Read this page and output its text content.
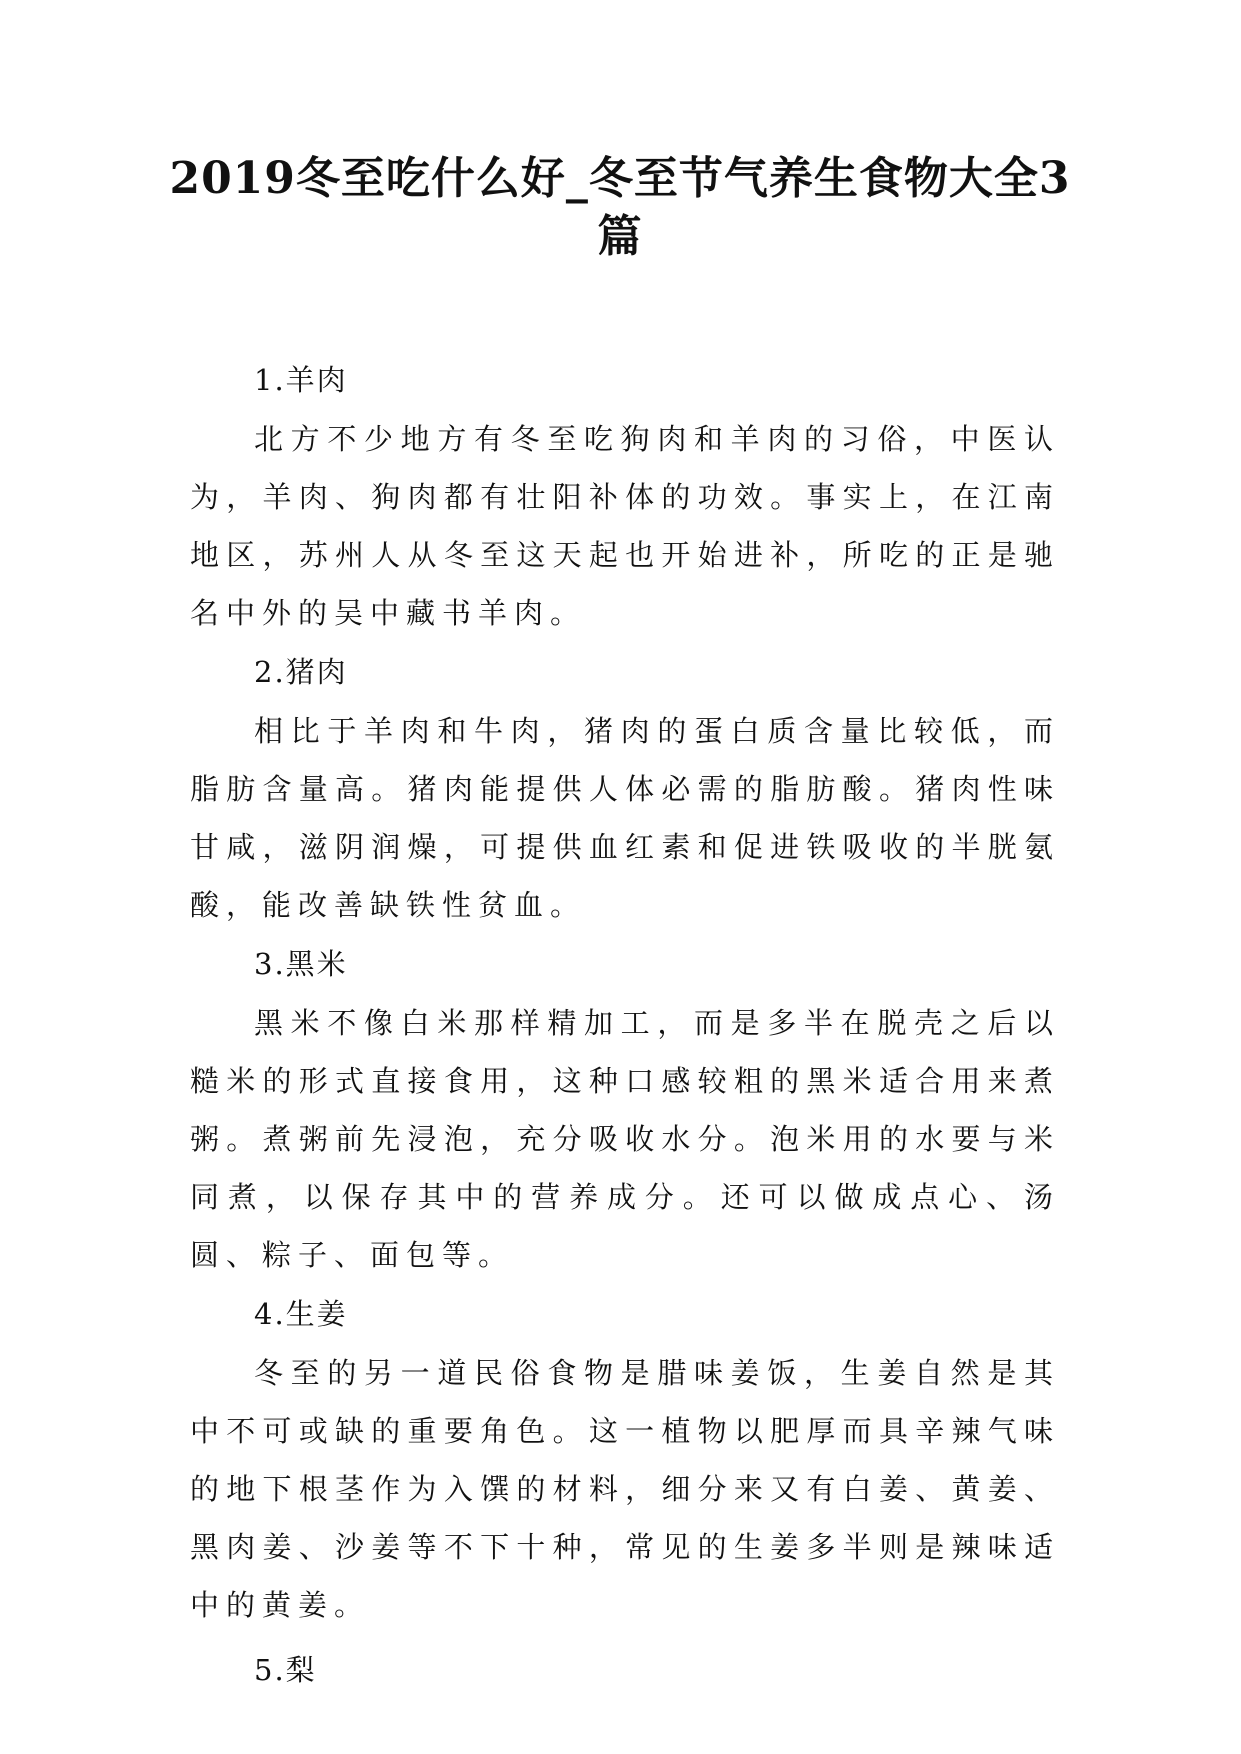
2019冬至吃什么好_冬至节气养生食物大全3篇
1.羊肉

北方不少地方有冬至吃狗肉和羊肉的习俗，中医认为，羊肉、狗肉都有壮阳补体的功效。事实上，在江南地区，苏州人从冬至这天起也开始进补，所吃的正是驰名中外的吴中藏书羊肉。

2.猪肉

相比于羊肉和牛肉，猪肉的蛋白质含量比较低，而脂肪含量高。猪肉能提供人体必需的脂肪酸。猪肉性味甘咸，滋阴润燥，可提供血红素和促进铁吸收的半胱氨酸，能改善缺铁性贫血。

3.黑米

黑米不像白米那样精加工，而是多半在脱壳之后以糙米的形式直接食用，这种口感较粗的黑米适合用来煮粥。煮粥前先浸泡，充分吸收水分。泡米用的水要与米同煮，以保存其中的营养成分。还可以做成点心、汤圆、粽子、面包等。

4.生姜

冬至的另一道民俗食物是腊味姜饭，生姜自然是其中不可或缺的重要角色。这一植物以肥厚而具辛辣气味的地下根茎作为入馔的材料，细分来又有白姜、黄姜、黑肉姜、沙姜等不下十种，常见的生姜多半则是辣味适中的黄姜。

5.梨
